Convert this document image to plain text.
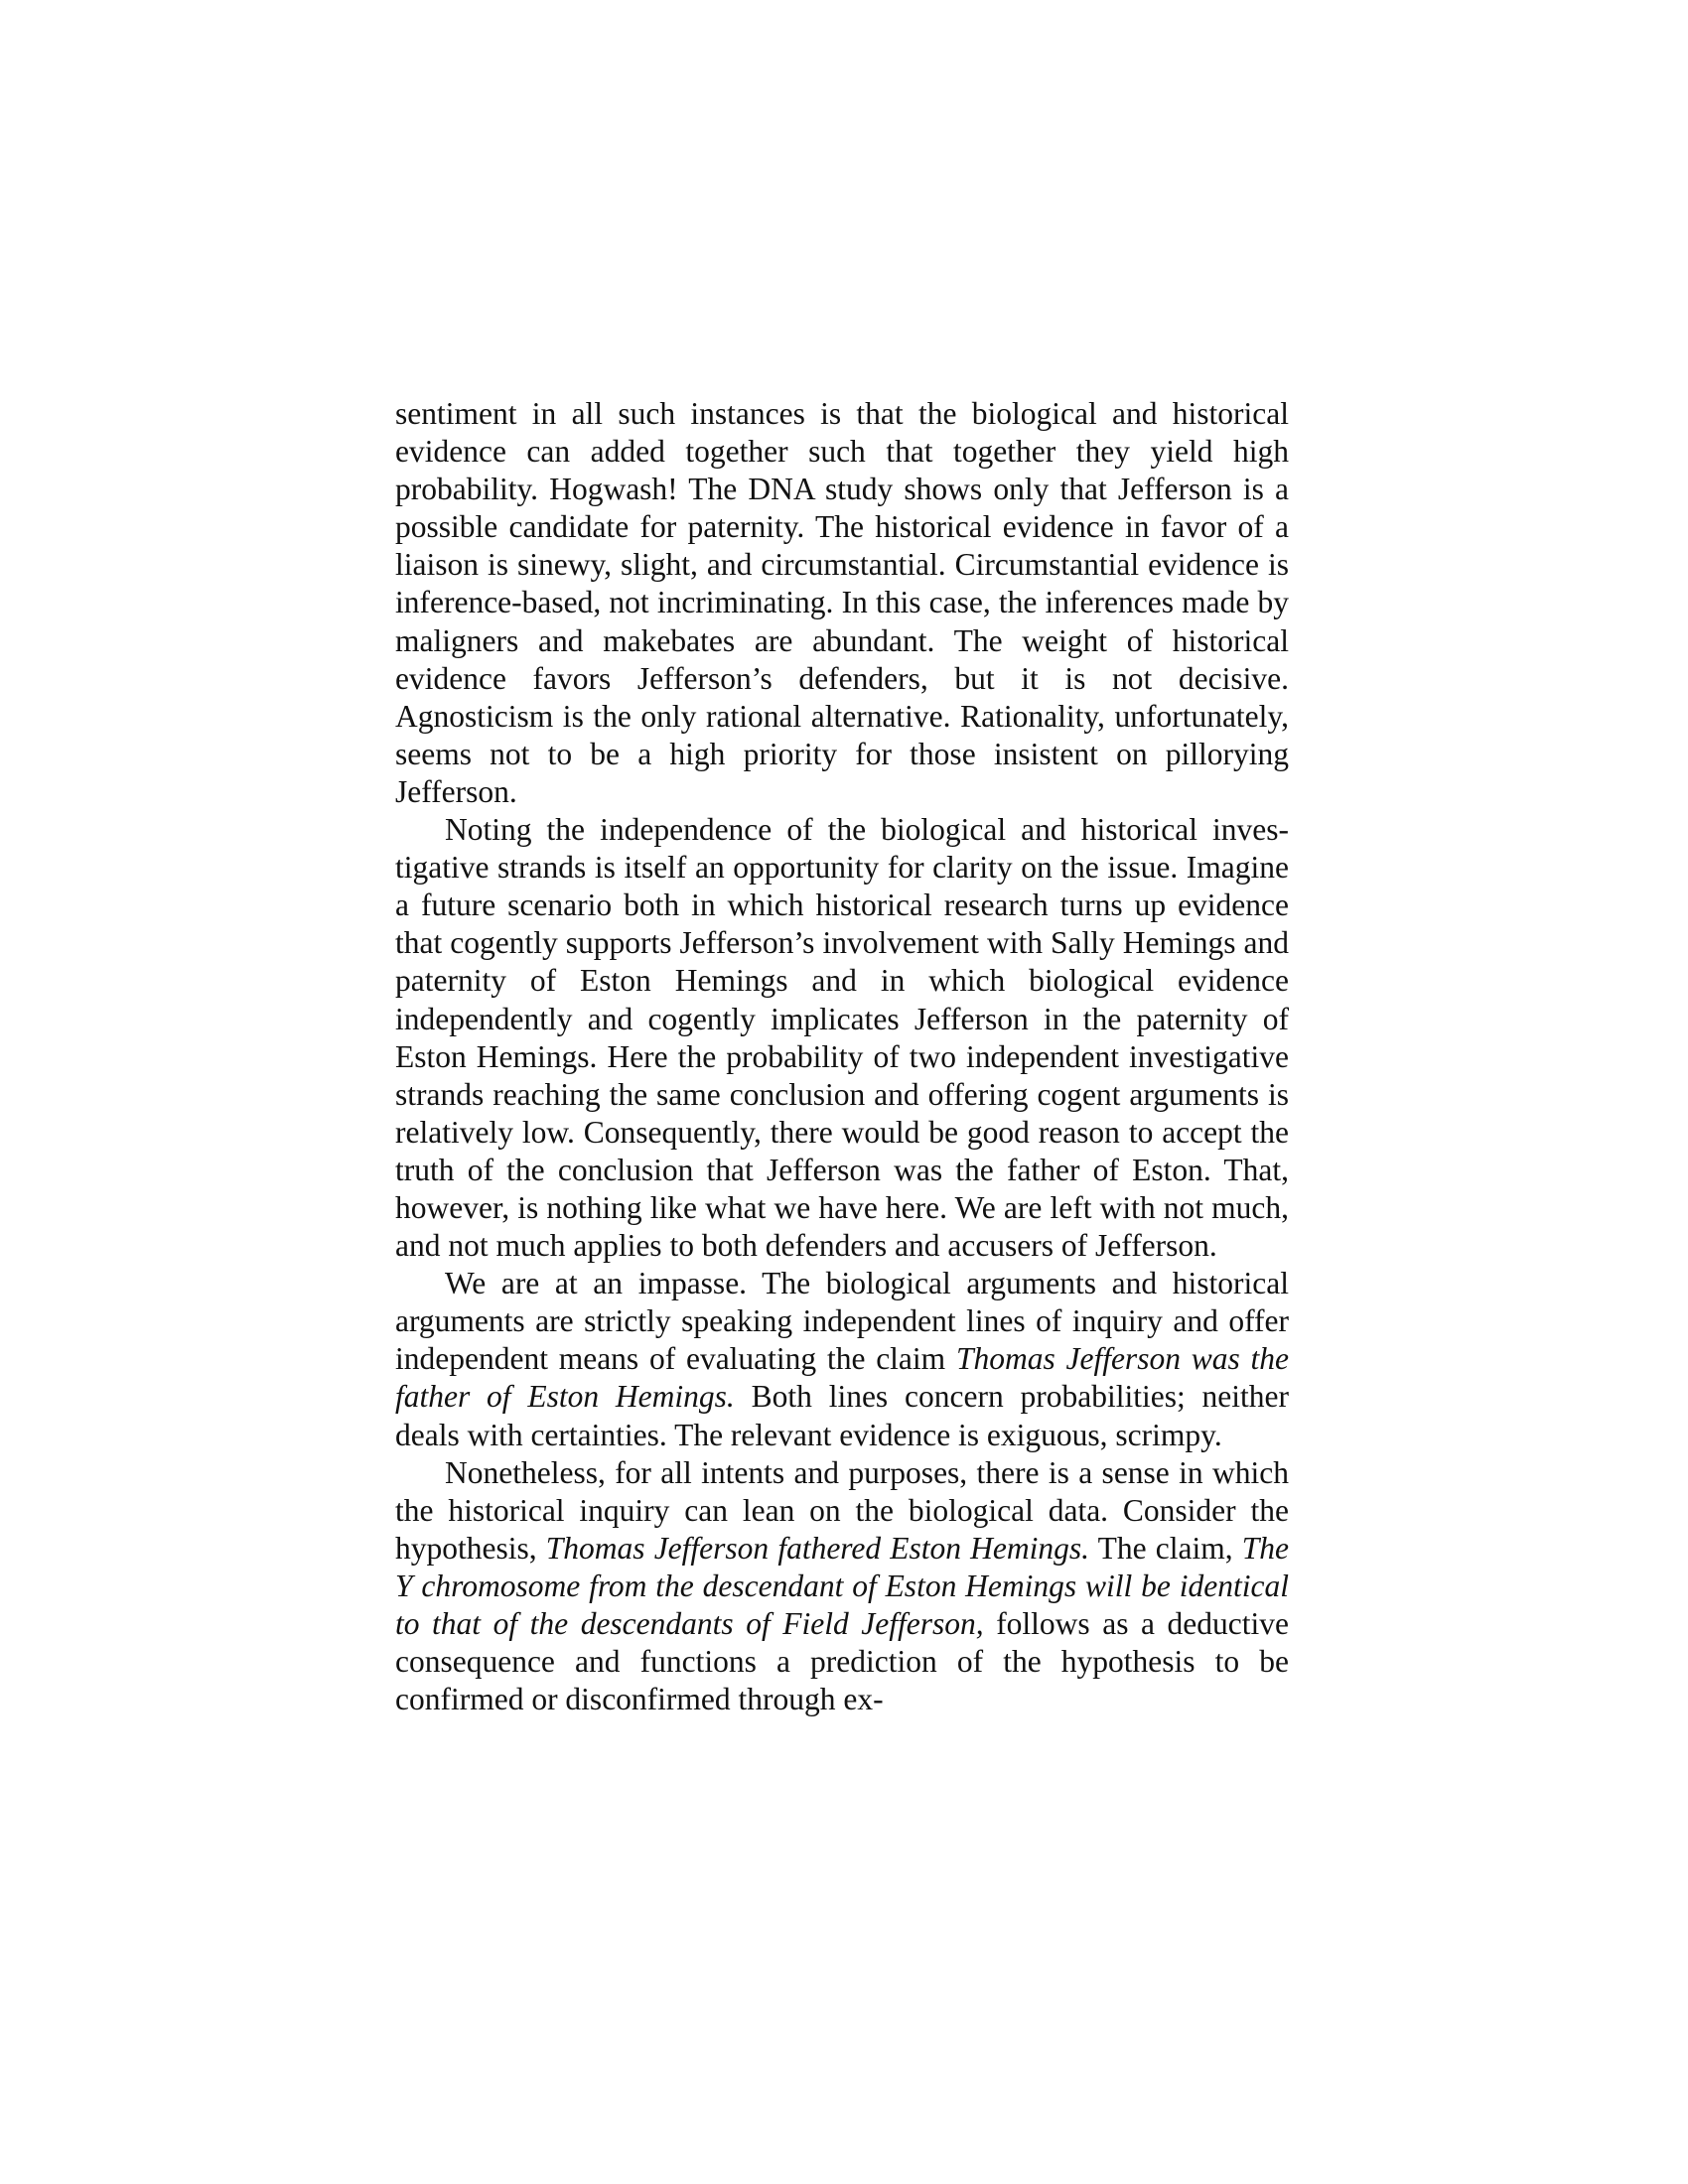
sentiment in all such instances is that the biological and historical evidence can added together such that together they yield high probability. Hogwash! The DNA study shows only that Jefferson is a possible candidate for paternity. The historical evidence in favor of a liaison is sinewy, slight, and circumstantial. Circumstantial evidence is inference-based, not incriminating. In this case, the inferences made by maligners and makebates are abundant. The weight of historical evidence favors Jefferson’s defenders, but it is not decisive. Agnosticism is the only rational alternative. Rationality, unfortunately, seems not to be a high priority for those insistent on pillorying Jefferson.

Noting the independence of the biological and historical investigative strands is itself an opportunity for clarity on the issue. Imagine a future scenario both in which historical research turns up evidence that cogently supports Jefferson’s involvement with Sally Hemings and paternity of Eston Hemings and in which biological evidence independently and cogently implicates Jefferson in the paternity of Eston Hemings. Here the probability of two independent investigative strands reaching the same conclusion and offering cogent arguments is relatively low. Consequently, there would be good reason to accept the truth of the conclusion that Jefferson was the father of Eston. That, however, is nothing like what we have here. We are left with not much, and not much applies to both defenders and accusers of Jefferson.

We are at an impasse. The biological arguments and historical arguments are strictly speaking independent lines of inquiry and offer independent means of evaluating the claim Thomas Jefferson was the father of Eston Hemings. Both lines concern probabilities; neither deals with certainties. The relevant evidence is exiguous, scrimpy.

Nonetheless, for all intents and purposes, there is a sense in which the historical inquiry can lean on the biological data. Consider the hypothesis, Thomas Jefferson fathered Eston Hemings. The claim, The Y chromosome from the descendant of Eston Hemings will be identical to that of the descendants of Field Jefferson, follows as a deductive consequence and functions a prediction of the hypothesis to be confirmed or disconfirmed through ex-
